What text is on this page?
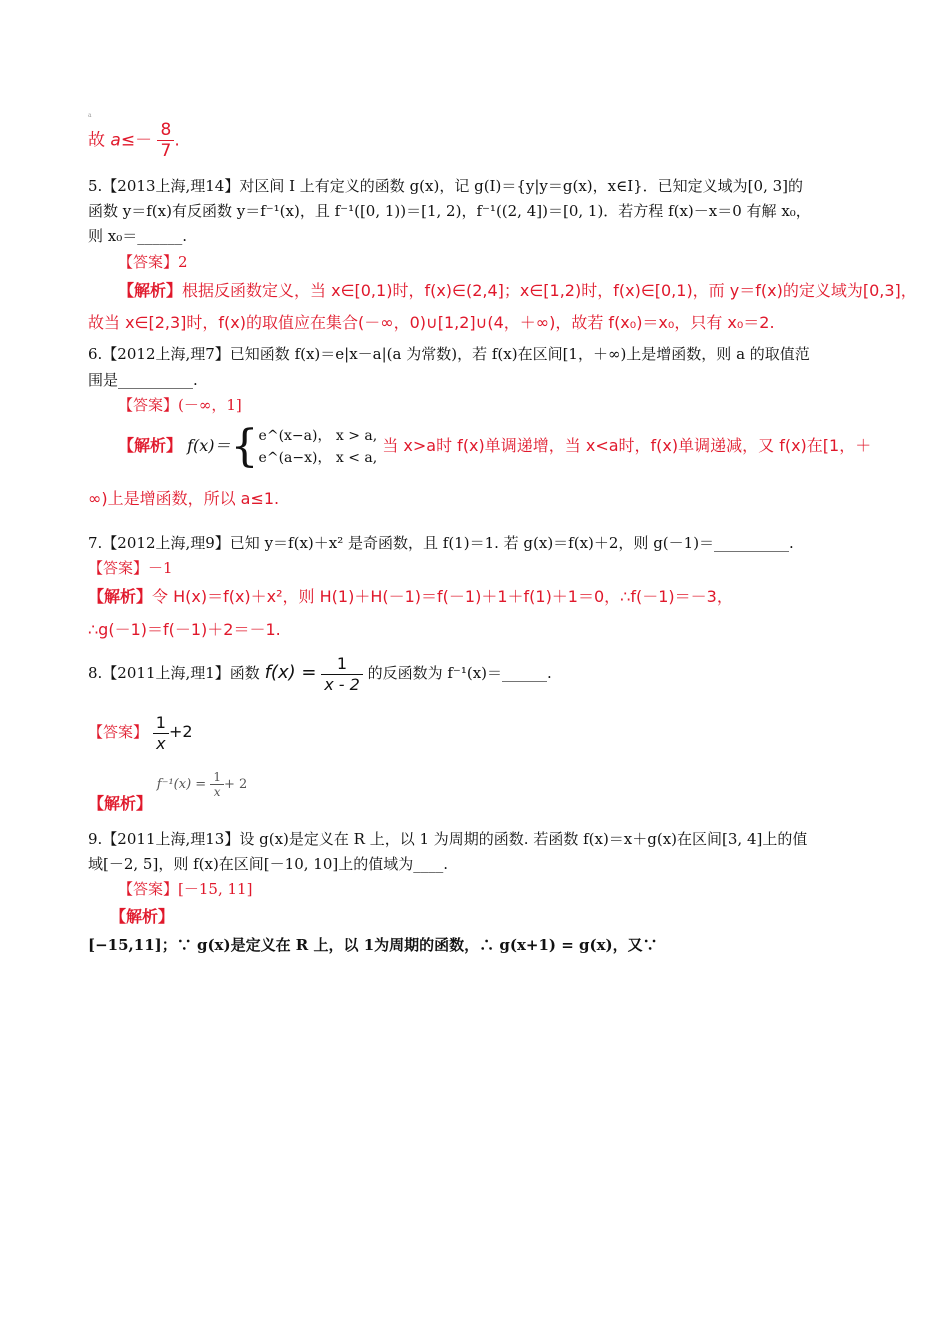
a
故 $a\le- \frac{8}{7}$ .
5.【2013上海,理14】对区间 I 上有定义的函数 g(x)，记 g(I)＝{y|y＝g(x)，x∈I}．已知定义域为[0, 3]的
函数 y＝f(x)有反函数 y＝f⁻¹(x)，且 f⁻¹([0, 1))＝[1, 2)，f⁻¹((2, 4])＝[0, 1)．若方程 f(x)－x＝0 有解 x₀，
则 x₀＝______.
【答案】2
【解析】根据反函数定义，当 x∈[0,1)时，f(x)∈(2,4]；x∈[1,2)时，f(x)∈[0,1)，而 y＝f(x)的定义域为[0,3]，
故当 x∈[2,3]时，f(x)的取值应在集合(－∞，0)∪[1,2]∪(4，＋∞)，故若 f(x₀)＝x₀，只有 x₀＝2.
6.【2012上海,理7】已知函数 f(x)＝e|x－a|(a 为常数)，若 f(x)在区间[1，＋∞)上是增函数，则 a 的取值范
围是__________.
【答案】(－∞，1]
【解析】 f(x)＝{ e^(x−a)， x > a,
e^(a−x)， x < a,
当 x>a时 f(x)单调递增，当 x<a时，f(x)单调递减，又 f(x)在[1，＋
∞)上是增函数，所以 a≤1.
7.【2012上海,理9】已知 y＝f(x)＋x² 是奇函数，且 f(1)＝1. 若 g(x)＝f(x)＋2，则 g(－1)＝__________.
【答案】－1
【解析】令 H(x)＝f(x)＋x²，则 H(1)＋H(－1)＝f(－1)＋1＋f(1)＋1＝0，∴f(－1)＝－3，
∴g(－1)＝f(－1)＋2＝－1.
8.【2011上海,理1】函数 $f(x) = \frac{1}{x - 2}$ 的反函数为 f⁻¹(x)＝______.
【答案】 $\frac{1}{x} +2$
【解析】 $f^{-1}(x) = \frac{1}{x} + 2$
9.【2011上海,理13】设 g(x)是定义在 R 上，以 1 为周期的函数. 若函数 f(x)＝x＋g(x)在区间[3, 4]上的值
域[－2, 5]，则 f(x)在区间[－10, 10]上的值域为____.
【答案】[－15, 11]
【解析】
[−15,11]；∵ g(x)是定义在 R 上，以 1为周期的函数，∴ g(x+1) = g(x)，又∵
